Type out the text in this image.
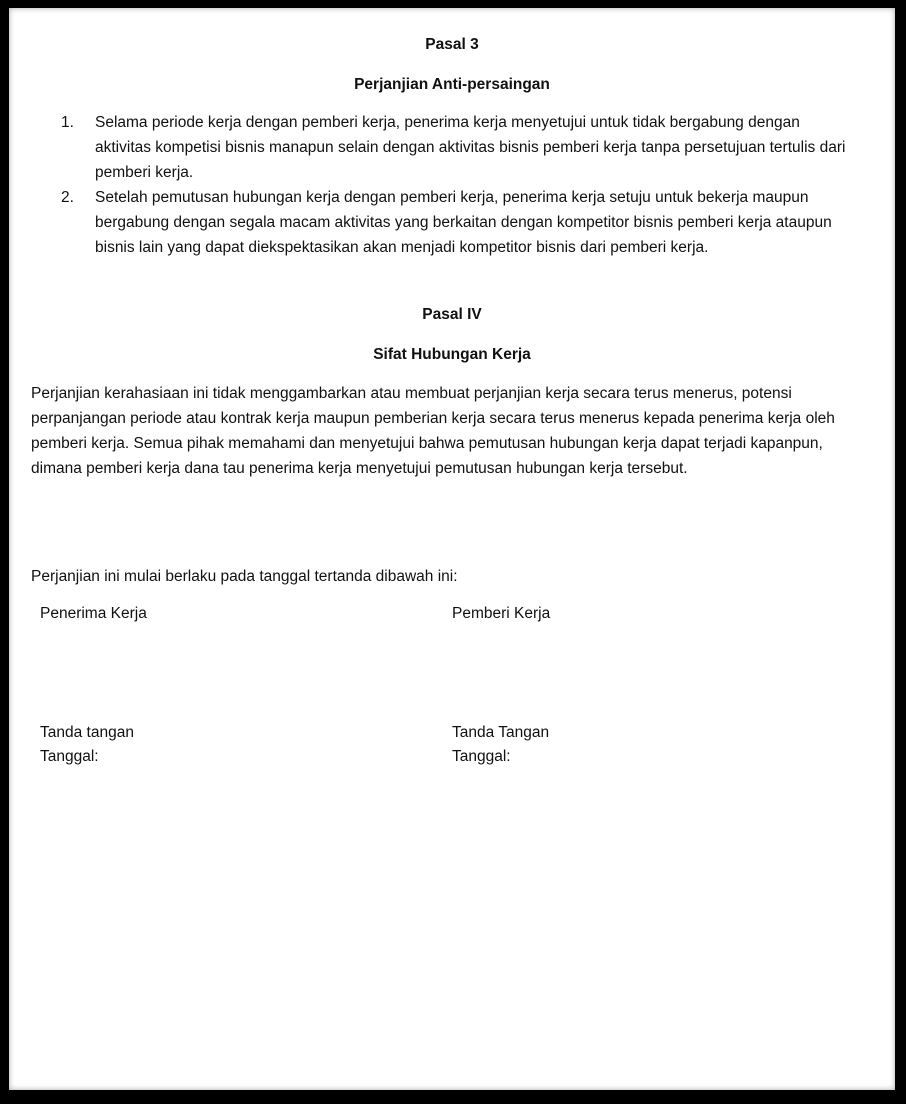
Pasal 3
Perjanjian Anti-persaingan
1. Selama periode kerja dengan pemberi kerja, penerima kerja menyetujui untuk tidak bergabung dengan aktivitas kompetisi bisnis manapun selain dengan aktivitas bisnis pemberi kerja tanpa persetujuan tertulis dari pemberi kerja.
2. Setelah pemutusan hubungan kerja dengan pemberi kerja, penerima kerja setuju untuk bekerja maupun bergabung dengan segala macam aktivitas yang berkaitan dengan kompetitor bisnis pemberi kerja ataupun bisnis lain yang dapat diekspektasikan akan menjadi kompetitor bisnis dari pemberi kerja.
Pasal IV
Sifat Hubungan Kerja

Perjanjian kerahasiaan ini tidak menggambarkan atau membuat perjanjian kerja secara terus menerus, potensi perpanjangan periode atau kontrak kerja maupun pemberian kerja secara terus menerus kepada penerima kerja oleh pemberi kerja. Semua pihak memahami dan menyetujui bahwa pemutusan hubungan kerja dapat terjadi kapanpun, dimana pemberi kerja dana tau penerima kerja menyetujui pemutusan hubungan kerja tersebut.

Perjanjian ini mulai berlaku pada tanggal tertanda dibawah ini:

Penerima Kerja	Pemberi Kerja

Tanda tangan	Tanda Tangan

Tanggal:	Tanggal:
